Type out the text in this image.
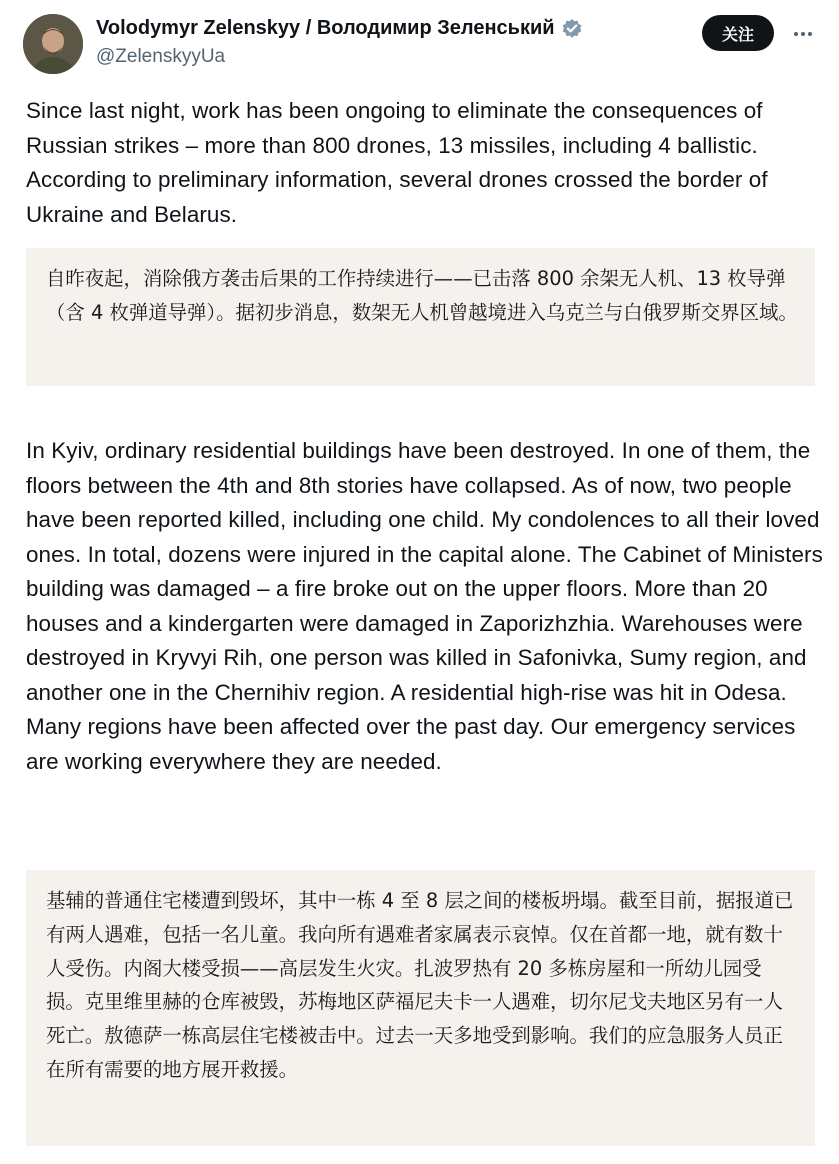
Volodymyr Zelenskyy / Володимир Зеленський
@ZelenskyyUa
关注

Since last night, work has been ongoing to eliminate the consequences of Russian strikes – more than 800 drones, 13 missiles, including 4 ballistic. According to preliminary information, several drones crossed the border of Ukraine and Belarus.

自昨夜起，消除俄方袭击后果的工作持续进行——已击落 800 余架无人机、13 枚导弹（含 4 枚弹道导弹）。据初步消息，数架无人机曾越境进入乌克兰与白俄罗斯交界区域。

In Kyiv, ordinary residential buildings have been destroyed. In one of them, the floors between the 4th and 8th stories have collapsed. As of now, two people have been reported killed, including one child. My condolences to all their loved ones. In total, dozens were injured in the capital alone. The Cabinet of Ministers building was damaged – a fire broke out on the upper floors. More than 20 houses and a kindergarten were damaged in Zaporizhzhia. Warehouses were destroyed in Kryvyi Rih, one person was killed in Safonivka, Sumy region, and another one in the Chernihiv region. A residential high-rise was hit in Odesa. Many regions have been affected over the past day. Our emergency services are working everywhere they are needed.

基辅的普通住宅楼遭到毁坏，其中一栋 4 至 8 层之间的楼板坍塌。截至目前，据报道已有两人遇难，包括一名儿童。我向所有遇难者家属表示哀悼。仅在首都一地，就有数十人受伤。内阁大楼受损——高层发生火灾。扎波罗热有 20 多栋房屋和一所幼儿园受损。克里维里赫的仓库被毁，苏梅地区萨福尼夫卡一人遇难，切尔尼戈夫地区另有一人死亡。敖德萨一栋高层住宅楼被击中。过去一天多地受到影响。我们的应急服务人员正在所有需要的地方展开救援。
